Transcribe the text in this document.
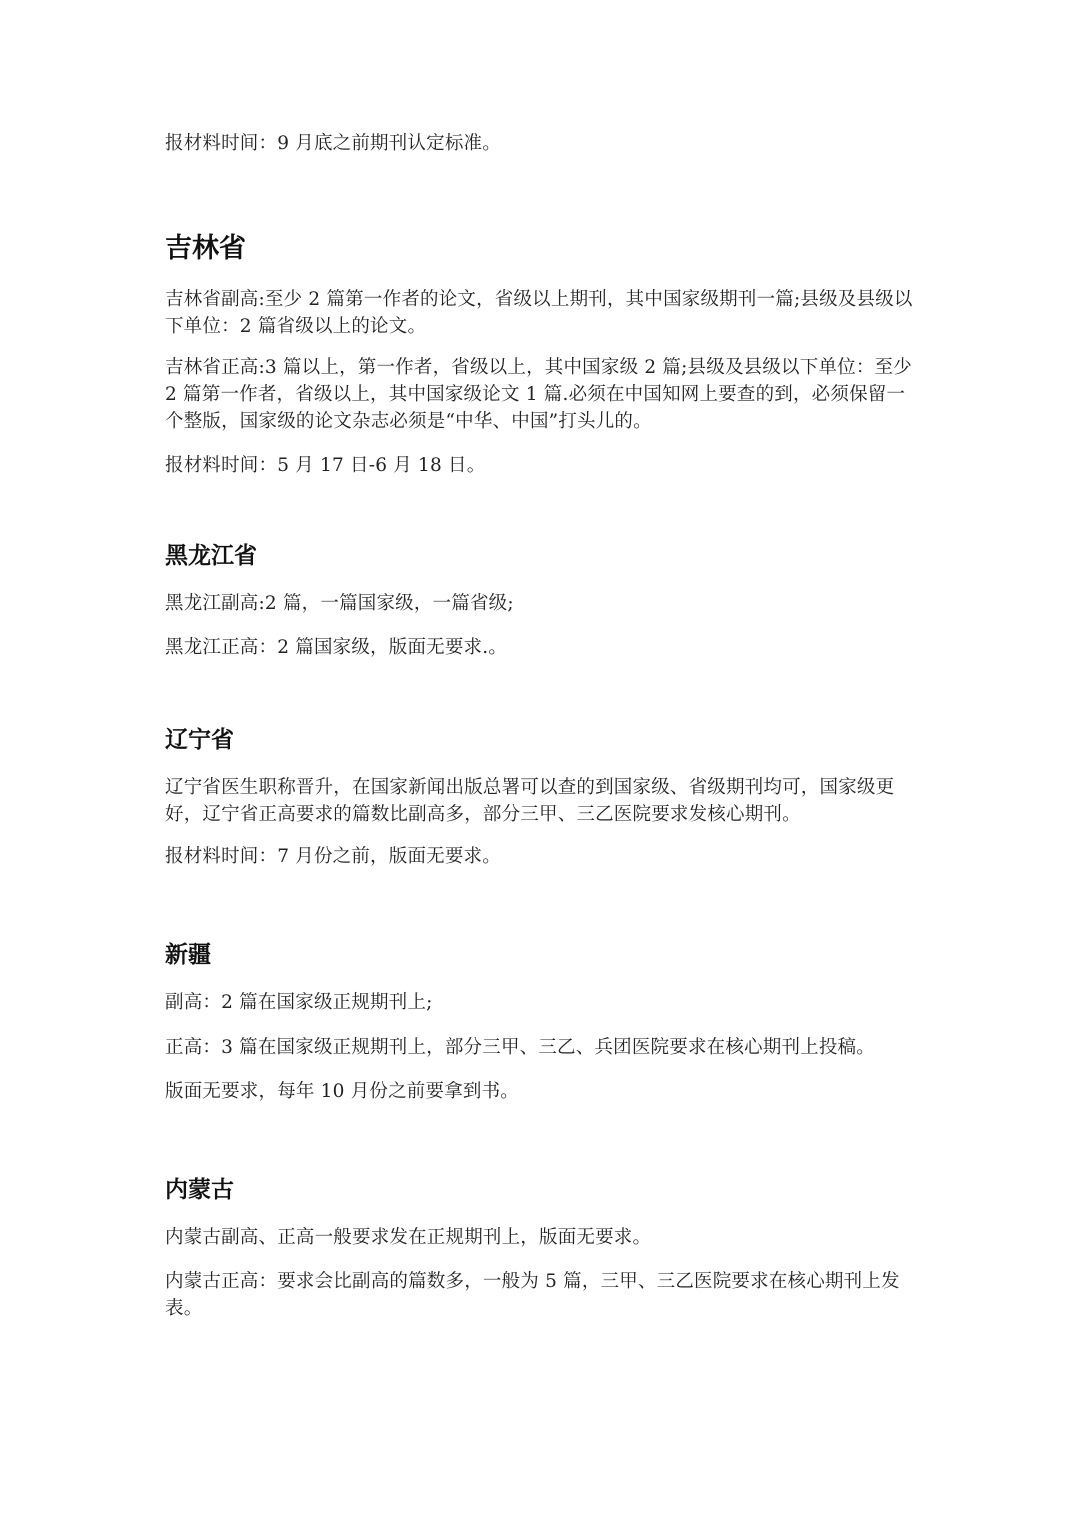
报材料时间：9 月底之前期刊认定标准。

吉林省

吉林省副高:至少 2 篇第一作者的论文，省级以上期刊，其中国家级期刊一篇;县级及县级以下单位：2 篇省级以上的论文。

吉林省正高:3 篇以上，第一作者，省级以上，其中国家级 2 篇;县级及县级以下单位：至少 2 篇第一作者，省级以上，其中国家级论文 1 篇.必须在中国知网上要查的到，必须保留一个整版，国家级的论文杂志必须是“中华、中国”打头儿的。

报材料时间：5 月 17 日-6 月 18 日。

黑龙江省

黑龙江副高:2 篇，一篇国家级，一篇省级;

黑龙江正高：2 篇国家级，版面无要求.。

辽宁省

辽宁省医生职称晋升，在国家新闻出版总署可以查的到国家级、省级期刊均可，国家级更好，辽宁省正高要求的篇数比副高多，部分三甲、三乙医院要求发核心期刊。

报材料时间：7 月份之前，版面无要求。

新疆

副高：2 篇在国家级正规期刊上;

正高：3 篇在国家级正规期刊上，部分三甲、三乙、兵团医院要求在核心期刊上投稿。

版面无要求，每年 10 月份之前要拿到书。

内蒙古

内蒙古副高、正高一般要求发在正规期刊上，版面无要求。

内蒙古正高：要求会比副高的篇数多，一般为 5 篇，三甲、三乙医院要求在核心期刊上发表。
